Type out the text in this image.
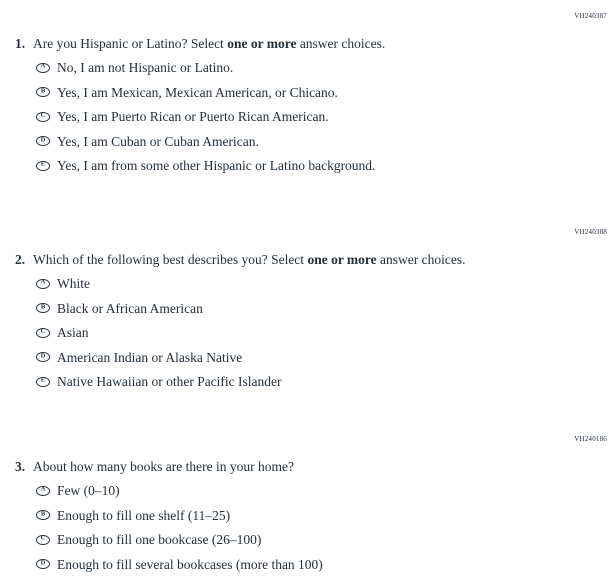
VH240387
1. Are you Hispanic or Latino? Select one or more answer choices.
A No, I am not Hispanic or Latino.
B Yes, I am Mexican, Mexican American, or Chicano.
C Yes, I am Puerto Rican or Puerto Rican American.
D Yes, I am Cuban or Cuban American.
E Yes, I am from some other Hispanic or Latino background.
VH240388
2. Which of the following best describes you? Select one or more answer choices.
A White
B Black or African American
C Asian
D American Indian or Alaska Native
E Native Hawaiian or other Pacific Islander
VH240186
3. About how many books are there in your home?
A Few (0–10)
B Enough to fill one shelf (11–25)
C Enough to fill one bookcase (26–100)
D Enough to fill several bookcases (more than 100)
